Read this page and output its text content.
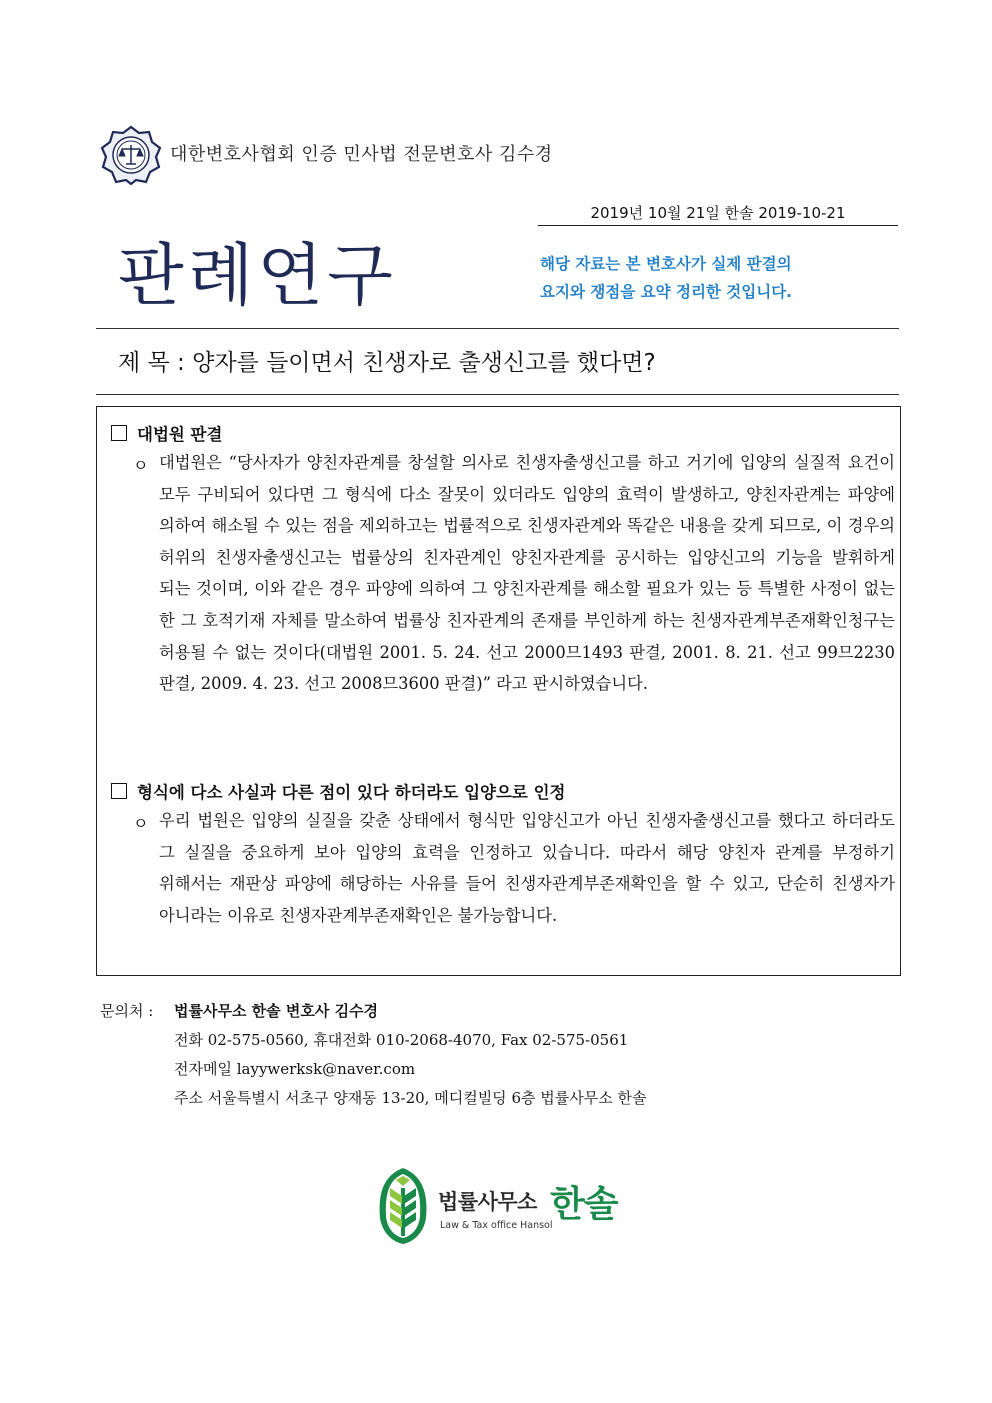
대한변호사협회 인증 민사법 전문변호사 김수경
2019년 10월 21일 한솔 2019-10-21
판례연구	해당 자료는 본 변호사가 실제 판결의
요지와 쟁점을 요약 정리한 것입니다.
제 목 : 양자를 들이면서 친생자로 출생신고를 했다면?
대법원 판결
ㅇ 대법원은 “당사자가 양친자관계를 창설할 의사로 친생자출생신고를 하고 거기에 입양의 실질적 요건이 모두 구비되어 있다면 그 형식에 다소 잘못이 있더라도 입양의 효력이 발생하고, 양친자관계는 파양에 의하여 해소될 수 있는 점을 제외하고는 법률적으로 친생자관계와 똑같은 내용을 갖게 되므로, 이 경우의 허위의 친생자출생신고는 법률상의 친자관계인 양친자관계를 공시하는 입양신고의 기능을 발휘하게 되는 것이며, 이와 같은 경우 파양에 의하여 그 양친자관계를 해소할 필요가 있는 등 특별한 사정이 없는 한 그 호적기재 자체를 말소하여 법률상 친자관계의 존재를 부인하게 하는 친생자관계부존재확인청구는 허용될 수 없는 것이다(대법원 2001. 5. 24. 선고 2000므1493 판결, 2001. 8. 21. 선고 99므2230 판결, 2009. 4. 23. 선고 2008므3600 판결)” 라고 판시하였습니다.
형식에 다소 사실과 다른 점이 있다 하더라도 입양으로 인정
ㅇ 우리 법원은 입양의 실질을 갖춘 상태에서 형식만 입양신고가 아닌 친생자출생신고를 했다고 하더라도 그 실질을 중요하게 보아 입양의 효력을 인정하고 있습니다. 따라서 해당 양친자 관계를 부정하기 위해서는 재판상 파양에 해당하는 사유를 들어 친생자관계부존재확인을 할 수 있고, 단순히 친생자가 아니라는 이유로 친생자관계부존재확인은 불가능합니다.
문의처 : 법률사무소 한솔 변호사 김수경
전화 02-575-0560, 휴대전화 010-2068-4070, Fax 02-575-0561
전자메일 layywerksk@naver.com
주소 서울특별시 서초구 양재동 13-20, 메디컬빌딩 6층 법률사무소 한솔
법률사무소 한솔
Law & Tax office Hansol
